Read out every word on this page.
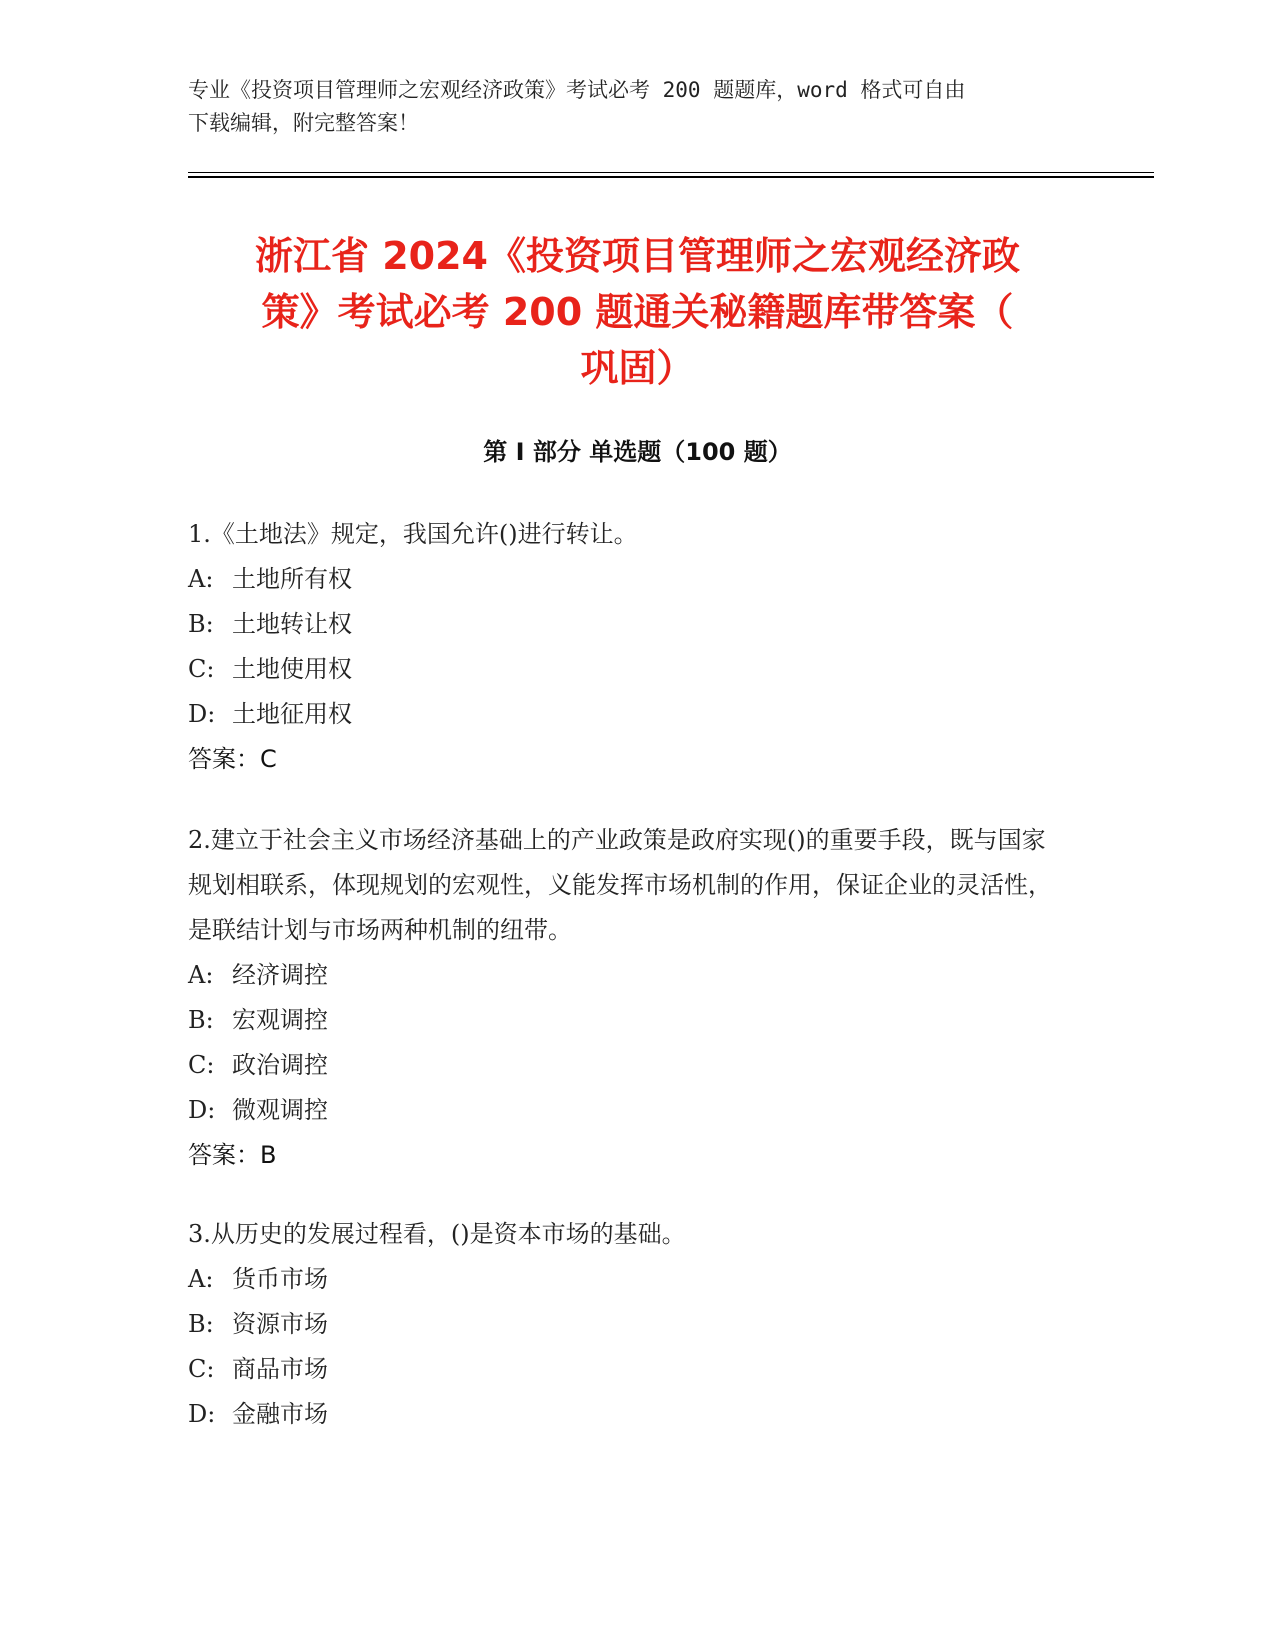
专业《投资项目管理师之宏观经济政策》考试必考 200 题题库，word 格式可自由
下载编辑，附完整答案！
浙江省 2024《投资项目管理师之宏观经济政
策》考试必考 200 题通关秘籍题库带答案（
巩固）
第 I 部分 单选题（100 题）

1.《土地法》规定，我国允许()进行转让。

A: 土地所有权
B: 土地转让权
C: 土地使用权
D: 土地征用权

答案：C

2.建立于社会主义市场经济基础上的产业政策是政府实现()的重要手段，既与国家规划相联系，体现规划的宏观性，义能发挥市场机制的作用，保证企业的灵活性，是联结计划与市场两种机制的纽带。

A: 经济调控
B: 宏观调控
C: 政治调控
D: 微观调控

答案：B

3.从历史的发展过程看，()是资本市场的基础。

A: 货币市场
B: 资源市场
C: 商品市场
D: 金融市场
